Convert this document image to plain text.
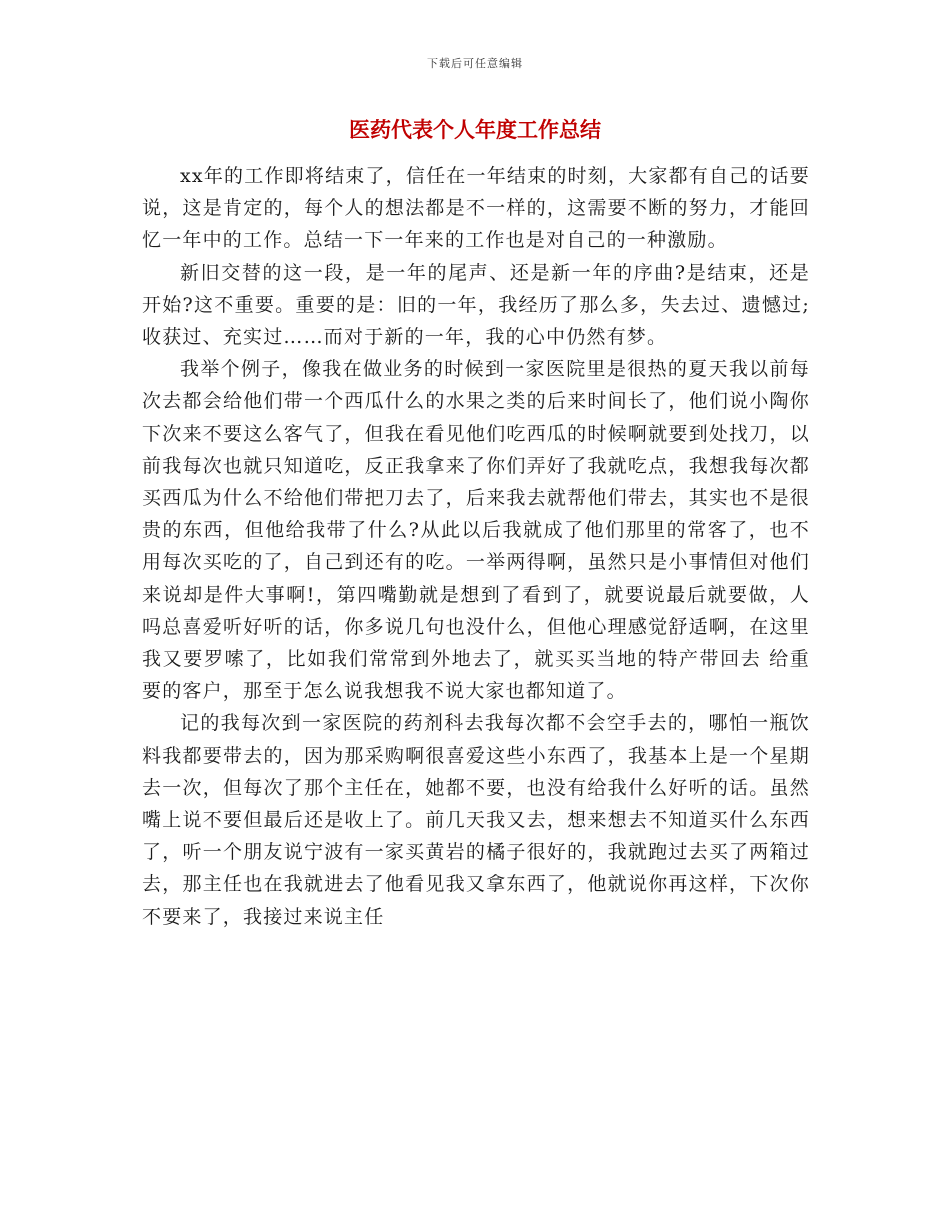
下载后可任意编辑
医药代表个人年度工作总结

xx年的工作即将结束了，信任在一年结束的时刻，大家都有自己的话要说，这是肯定的，每个人的想法都是不一样的，这需要不断的努力，才能回忆一年中的工作。总结一下一年来的工作也是对自己的一种激励。

新旧交替的这一段，是一年的尾声、还是新一年的序曲?是结束，还是开始?这不重要。重要的是：旧的一年，我经历了那么多，失去过、遗憾过;收获过、充实过……而对于新的一年，我的心中仍然有梦。

我举个例子，像我在做业务的时候到一家医院里是很热的夏天我以前每次去都会给他们带一个西瓜什么的水果之类的后来时间长了，他们说小陶你下次来不要这么客气了，但我在看见他们吃西瓜的时候啊就要到处找刀，以前我每次也就只知道吃，反正我拿来了你们弄好了我就吃点，我想我每次都买西瓜为什么不给他们带把刀去了，后来我去就帮他们带去，其实也不是很贵的东西，但他给我带了什么?从此以后我就成了他们那里的常客了，也不用每次买吃的了，自己到还有的吃。一举两得啊，虽然只是小事情但对他们来说却是件大事啊!，第四嘴勤就是想到了看到了，就要说最后就要做，人吗总喜爱听好听的话，你多说几句也没什么，但他心理感觉舒适啊，在这里我又要罗嗦了，比如我们常常到外地去了，就买买当地的特产带回去 给重要的客户，那至于怎么说我想我不说大家也都知道了。

记的我每次到一家医院的药剂科去我每次都不会空手去的，哪怕一瓶饮料我都要带去的，因为那采购啊很喜爱这些小东西了，我基本上是一个星期去一次，但每次了那个主任在，她都不要，也没有给我什么好听的话。虽然嘴上说不要但最后还是收上了。前几天我又去，想来想去不知道买什么东西了，听一个朋友说宁波有一家买黄岩的橘子很好的，我就跑过去买了两箱过去，那主任也在我就进去了他看见我又拿东西了，他就说你再这样，下次你不要来了，我接过来说主任
